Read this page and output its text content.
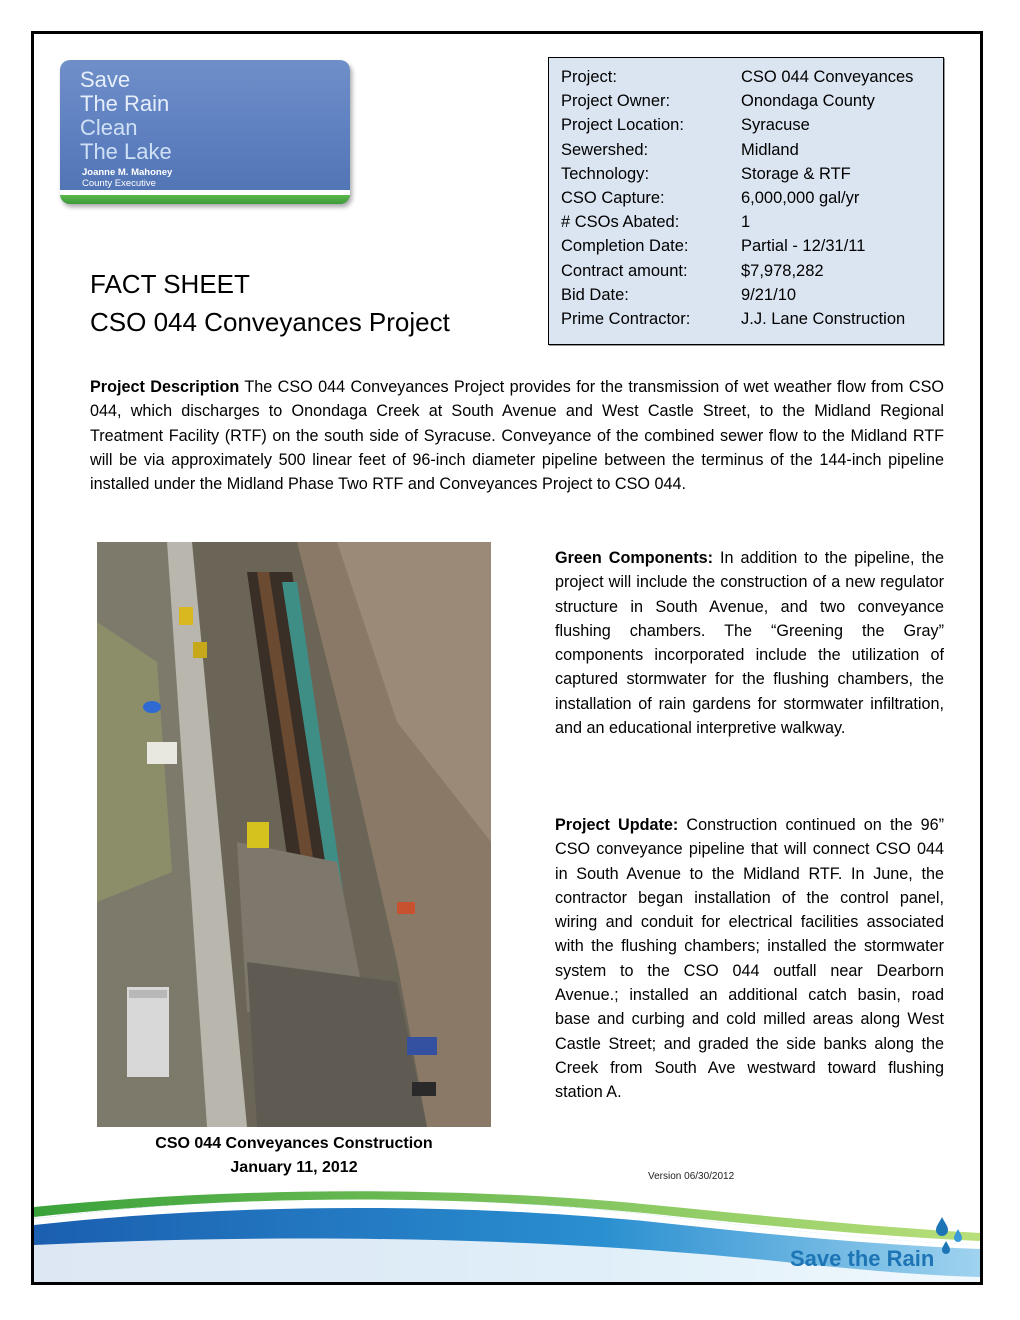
Save
The Rain
Clean
The Lake
Joanne M. Mahoney
County Executive
FACT SHEET
CSO 044 Conveyances Project
Project:	CSO 044 Conveyances
Project Owner:	Onondaga County
Project Location:	Syracuse
Sewershed:	Midland
Technology:	Storage & RTF
CSO Capture:	6,000,000 gal/yr
# CSOs Abated:	1
Completion Date:	Partial - 12/31/11
Contract amount:	$7,978,282
Bid Date:	9/21/10
Prime Contractor:	J.J. Lane Construction
Project Description The CSO 044 Conveyances Project provides for the transmission of wet weather flow from CSO 044, which discharges to Onondaga Creek at South Avenue and West Castle Street, to the Midland Regional Treatment Facility (RTF) on the south side of Syracuse. Conveyance of the combined sewer flow to the Midland RTF will be via approximately 500 linear feet of 96-inch diameter pipeline between the terminus of the 144-inch pipeline installed under the Midland Phase Two RTF and Conveyances Project to CSO 044.
CSO 044 Conveyances Construction
January 11, 2012
Green Components: In addition to the pipeline, the project will include the construction of a new regulator structure in South Avenue, and two conveyance flushing chambers. The “Greening the Gray” components incorporated include the utilization of captured stormwater for the flushing chambers, the installation of rain gardens for stormwater infiltration, and an educational interpretive walkway.
Project Update: Construction continued on the 96” CSO conveyance pipeline that will connect CSO 044 in South Avenue to the Midland RTF. In June, the contractor began installation of the control panel, wiring and conduit for electrical facilities associated with the flushing chambers; installed the stormwater system to the CSO 044 outfall near Dearborn Avenue.; installed an additional catch basin, road base and curbing and cold milled areas along West Castle Street; and graded the side banks along the Creek from South Ave westward toward flushing station A.
Version 06/30/2012
Save the Rain
